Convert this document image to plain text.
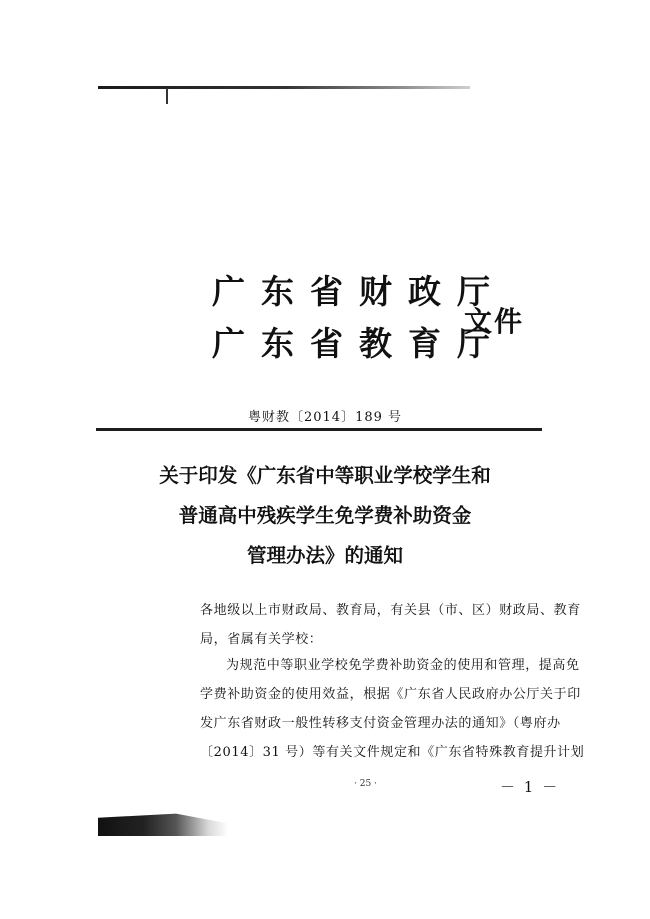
广东省财政厅
广东省教育厅
文件
粤财教〔2014〕189 号
关于印发《广东省中等职业学校学生和
普通高中残疾学生免学费补助资金
管理办法》的通知
各地级以上市财政局、教育局，有关县（市、区）财政局、教育
局，省属有关学校：
为规范中等职业学校免学费补助资金的使用和管理，提高免
学费补助资金的使用效益，根据《广东省人民政府办公厅关于印
发广东省财政一般性转移支付资金管理办法的通知》（粤府办
〔2014〕31 号）等有关文件规定和《广东省特殊教育提升计划
· 25 ·	－ 1 －
